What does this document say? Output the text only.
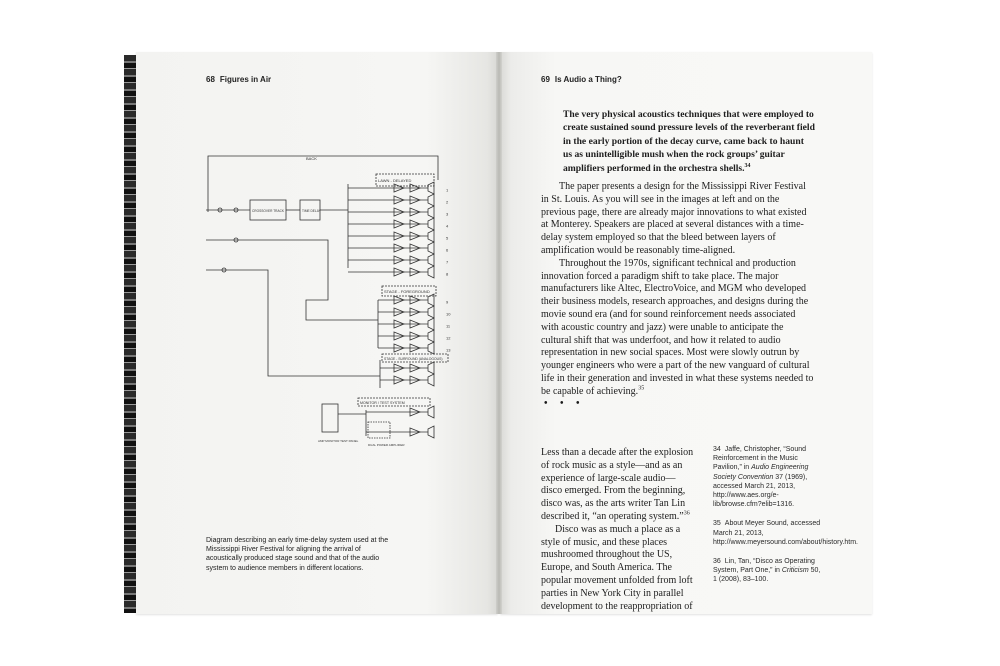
68 Figures in Air
BACK
LAWN - DELAYED
CROSSOVER TRACK	TIME DELAY
STAGE - FOREGROUND
STAGE - SURROUND (ANALOGOUS)
MONITOR / TEST SYSTEM
AMP MONITOR TEST PANEL
DUAL POWER AMPLIFIER
1
2
3
4
5
6
7
8
9
10
11
12
13
Diagram describing an early time-delay system used at the Mississippi River Festival for aligning the arrival of acoustically produced stage sound and that of the audio system to audience members in different locations.
69 Is Audio a Thing?
The very physical acoustics techniques that were employed to create sustained sound pressure levels of the reverberant field in the early portion of the decay curve, came back to haunt us as unintelligible mush when the rock groups’ guitar amplifiers performed in the orchestra shells.$^{34}$

The paper presents a design for the Mississippi River Festival in St. Louis. As you will see in the images at left and on the previous page, there are already major innovations to what existed at Monterey. Speakers are placed at several distances with a time-delay system employed so that the bleed between layers of amplification would be reasonably time-aligned.

Throughout the 1970s, significant technical and production innovation forced a paradigm shift to take place. The major manufacturers like Altec, ElectroVoice, and MGM who developed their business models, research approaches, and designs during the movie sound era (and for sound reinforcement needs associated with acoustic country and jazz) were unable to anticipate the cultural shift that was underfoot, and how it related to audio representation in new social spaces. Most were slowly outrun by younger engineers who were a part of the new vanguard of cultural life in their generation and invested in what these systems needed to be capable of achieving.$^{35}$

• • •

Less than a decade after the explosion of rock music as a style—and as an experience of large-scale audio—disco emerged. From the beginning, disco was, as the arts writer Tan Lin described it, “an operating system.”$^{36}$

Disco was as much a place as a style of music, and these places mushroomed throughout the US, Europe, and South America. The popular movement unfolded from loft parties in New York City in parallel development to the reappropriation of

34 Jaffe, Christopher, “Sound Reinforcement in the Music Pavilion,” in Audio Engineering Society Convention 37 (1969), accessed March 21, 2013, http://www.aes.org/e-lib/browse.cfm?elib=1316.
35 About Meyer Sound, accessed March 21, 2013, http://www.meyersound.com/about/history.htm.
36 Lin, Tan, “Disco as Operating System, Part One,” in Criticism 50, 1 (2008), 83–100.
